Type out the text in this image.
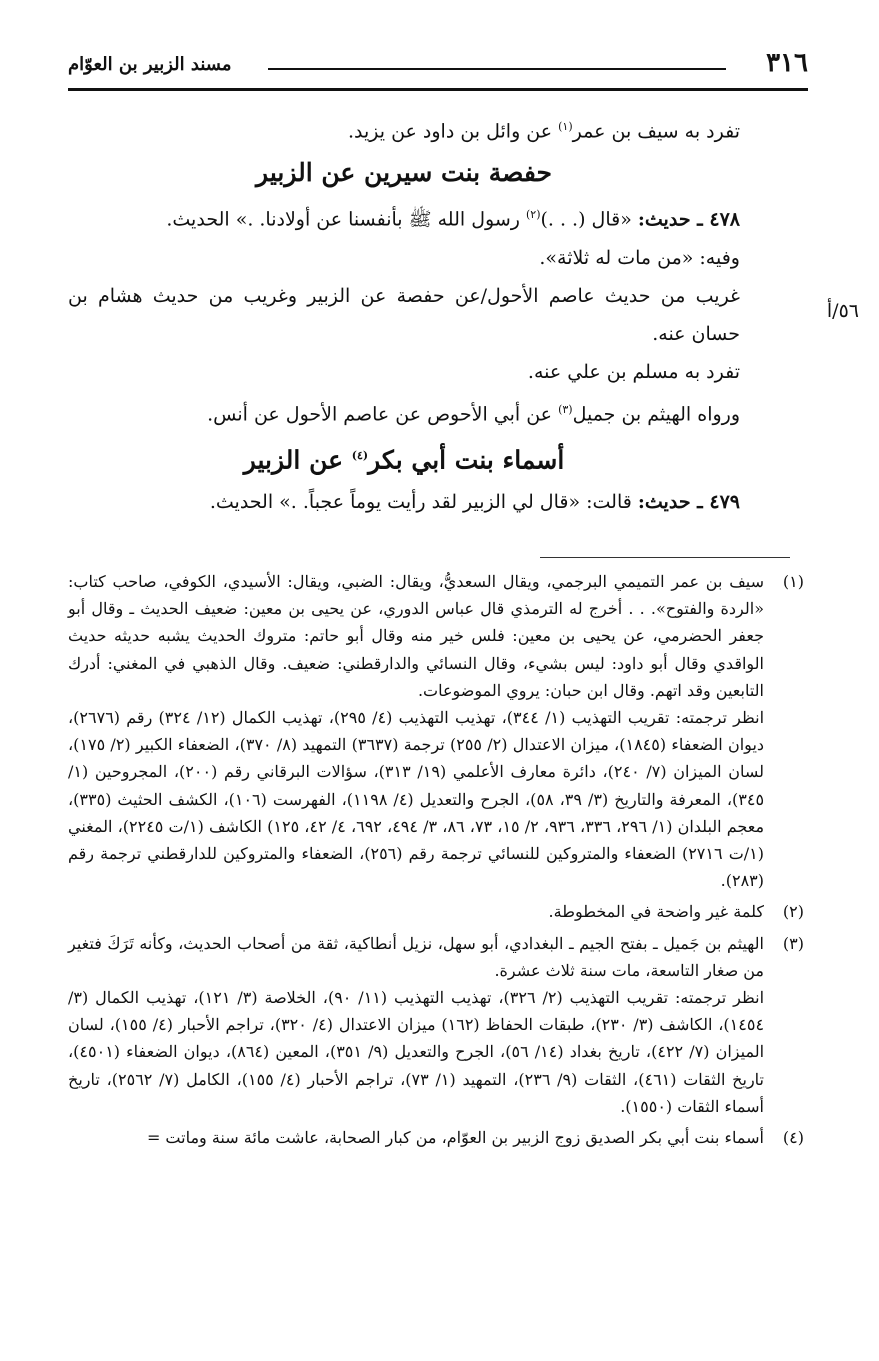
٣١٦
مسند الزبير بن العوّام
٥٦/أ
تفرد به سيف بن عمر$^{(١)}$ عن وائل بن داود عن يزيد.
حفصة بنت سيرين عن الزبير
٤٧٨ ـ حديث: «قال (. . .)$^{(٢)}$ رسول الله ﷺ بأنفسنا عن أولادنا. .» الحديث.
وفيه: «من مات له ثلاثة».
غريب من حديث عاصم الأحول/عن حفصة عن الزبير وغريب من حديث هشام بن حسان عنه.
تفرد به مسلم بن علي عنه.
ورواه الهيثم بن جميل$^{(٣)}$ عن أبي الأحوص عن عاصم الأحول عن أنس.
أسماء بنت أبي بكر$^{(٤)}$ عن الزبير
٤٧٩ ـ حديث: قالت: «قال لي الزبير لقد رأيت يوماً عجباً. .» الحديث.
(١)

سيف بن عمر التميمي البرجمي، ويقال السعديُّ، ويقال: الضبي، ويقال: الأسيدي، الكوفي، صاحب كتاب: «الردة والفتوح». . . أخرج له الترمذي قال عباس الدوري، عن يحيى بن معين: ضعيف الحديث ـ وقال أبو جعفر الحضرمي، عن يحيى بن معين: فلس خير منه وقال أبو حاتم: متروك الحديث يشبه حديثه حديث الواقدي وقال أبو داود: ليس بشيء، وقال النسائي والدارقطني: ضعيف. وقال الذهبي في المغني: أدرك التابعين وقد اتهم. وقال ابن حبان: يروي الموضوعات.

انظر ترجمته: تقريب التهذيب (١/ ٣٤٤)، تهذيب التهذيب (٤/ ٢٩٥)، تهذيب الكمال (١٢/ ٣٢٤) رقم (٢٦٧٦)، ديوان الضعفاء (١٨٤٥)، ميزان الاعتدال (٢/ ٢٥٥) ترجمة (٣٦٣٧) التمهيد (٨/ ٣٧٠)، الضعفاء الكبير (٢/ ١٧٥)، لسان الميزان (٧/ ٢٤٠)، دائرة معارف الأعلمي (١٩/ ٣١٣)، سؤالات البرقاني رقم (٢٠٠)، المجروحين (١/ ٣٤٥)، المعرفة والتاريخ (٣/ ٣٩، ٥٨)، الجرح والتعديل (٤/ ١١٩٨)، الفهرست (١٠٦)، الكشف الحثيث (٣٣٥)، معجم البلدان (١/ ٢٩٦، ٣٣٦، ٩٣٦، ٢/ ١٥، ٧٣، ٨٦، ٣/ ٤٩٤، ٦٩٢، ٤/ ٤٢، ١٢٥) الكاشف (١/ت ٢٢٤٥)، المغني (١/ت ٢٧١٦) الضعفاء والمتروكين للنسائي ترجمة رقم (٢٥٦)، الضعفاء والمتروكين للدارقطني ترجمة رقم (٢٨٣).

(٢)

كلمة غير واضحة في المخطوطة.

(٣)

الهيثم بن جَميل ـ بفتح الجيم ـ البغدادي، أبو سهل، نزيل أنطاكية، ثقة من أصحاب الحديث، وكأنه تَرَكَ فتغير من صغار التاسعة، مات سنة ثلاث عشرة.

انظر ترجمته: تقريب التهذيب (٢/ ٣٢٦)، تهذيب التهذيب (١١/ ٩٠)، الخلاصة (٣/ ١٢١)، تهذيب الكمال (٣/ ١٤٥٤)، الكاشف (٣/ ٢٣٠)، طبقات الحفاظ (١٦٢) ميزان الاعتدال (٤/ ٣٢٠)، تراجم الأحبار (٤/ ١٥٥)، لسان الميزان (٧/ ٤٢٢)، تاريخ بغداد (١٤/ ٥٦)، الجرح والتعديل (٩/ ٣٥١)، المعين (٨٦٤)، ديوان الضعفاء (٤٥٠١)، تاريخ الثقات (٤٦١)، الثقات (٩/ ٢٣٦)، التمهيد (١/ ٧٣)، تراجم الأحبار (٤/ ١٥٥)، الكامل (٧/ ٢٥٦٢)، تاريخ أسماء الثقات (١٥٥٠).

(٤)

أسماء بنت أبي بكر الصديق زوج الزبير بن العوّام، من كبار الصحابة، عاشت مائة سنة وماتت =
